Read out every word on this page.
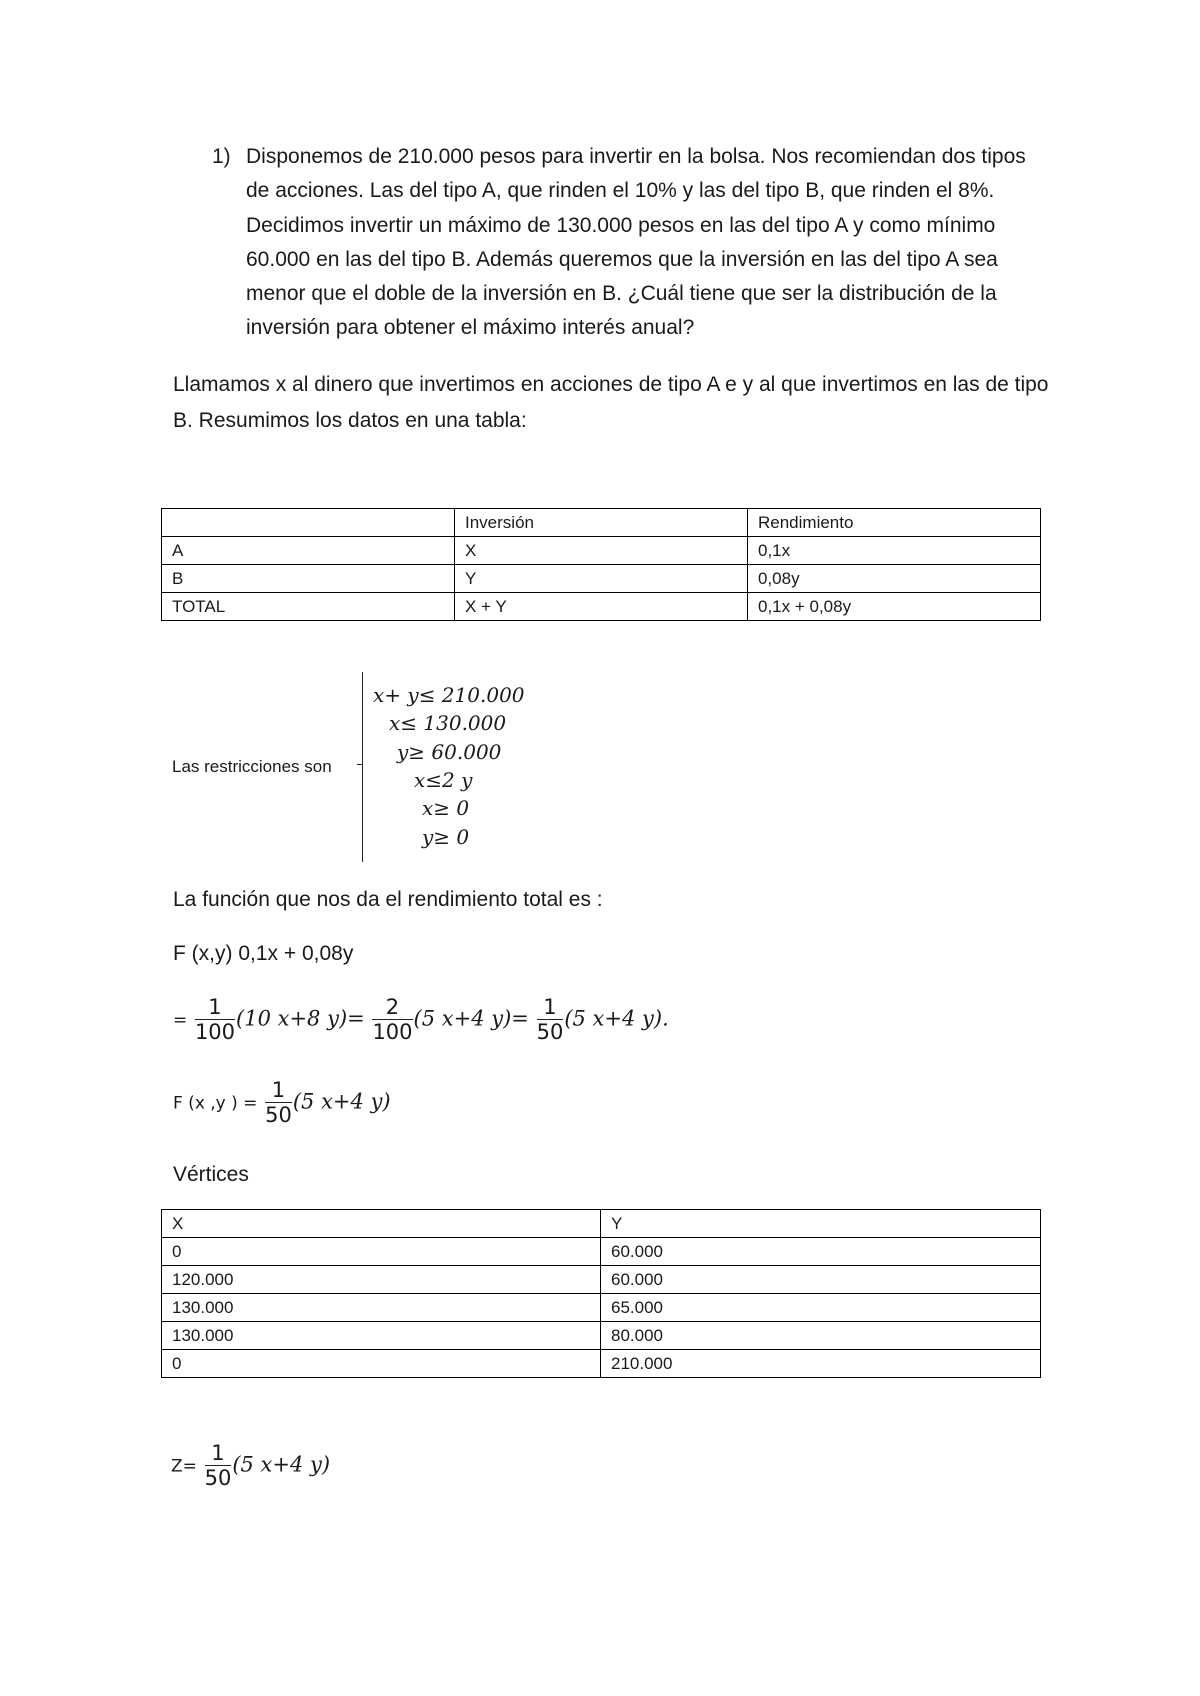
1) Disponemos de 210.000 pesos para invertir en la bolsa. Nos recomiendan dos tipos de acciones. Las del tipo A, que rinden el 10% y las del tipo B, que rinden el 8%. Decidimos invertir un máximo de 130.000 pesos en las del tipo A y como mínimo 60.000 en las del tipo B. Además queremos que la inversión en las del tipo A sea menor que el doble de la inversión en B. ¿Cuál tiene que ser la distribución de la inversión para obtener el máximo interés anual?
Llamamos x al dinero que invertimos en acciones de tipo A e y al que invertimos en las de tipo B. Resumimos los datos en una tabla:
	Inversión	Rendimiento
A	X	0,1x
B	Y	0,08y
TOTAL	X + Y	0,1x + 0,08y
Las restricciones son
x+ y≤ 210.000
x≤ 130.000
y≥ 60.000
x≤2 y
x≥ 0
y≥ 0
La función que nos da el rendimiento total es :
F (x,y) 0,1x + 0,08y
= $\frac{1}{100} (10$ x+8 $y)= \frac{2}{100} (5$ x+4 $y)= \frac{1}{50} (5$ x+4 y).
F (x ,y ) = $\frac{1}{50} (5$ x+4 y)
Vértices
X	Y
0	60.000
120.000	60.000
130.000	65.000
130.000	80.000
0	210.000
$Z= \frac{1}{50} (5$ x+4 y)
